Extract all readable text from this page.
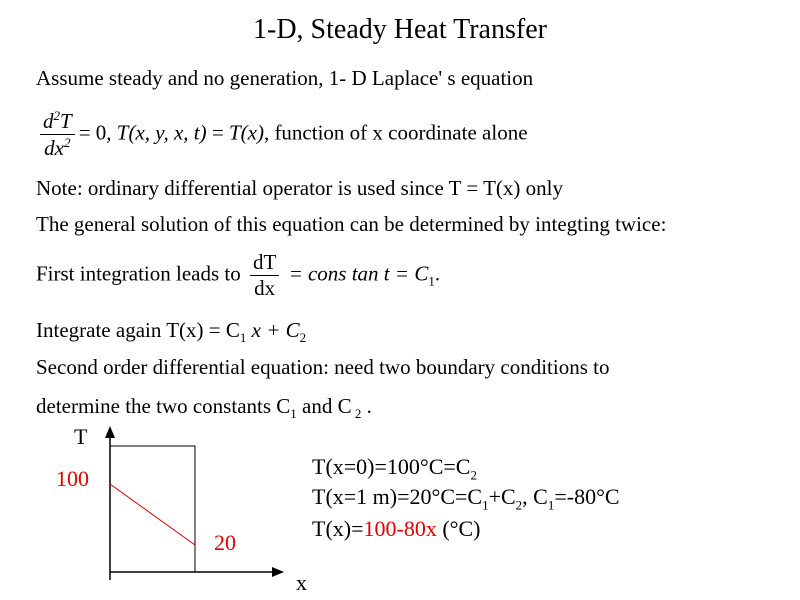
1-D, Steady Heat Transfer
Assume steady and no generation, 1- D Laplace' s equation
$\frac{d^2T}{dx^2} = 0$, T(x, y, x, t) = T(x), function of x coordinate alone
Note: ordinary differential operator is used since T = T(x) only
The general solution of this equation can be determined by integting twice:
First integration leads to $\frac{dT}{dx}$ = cons $\tan t = C_1$.
Integrate again $T(x) = C_1$ $x + C_2$
Second order differential equation: need two boundary conditions to
determine the two constants $C_1$ and C $_2$ .
T
x
100
20
$T(x=0)=100^\circ C=C_2$
T(x=1 $m)=20^\circ C=C_1+C_2$, $C_1=-80^\circ C$
T(x)=100-80x (°C)
